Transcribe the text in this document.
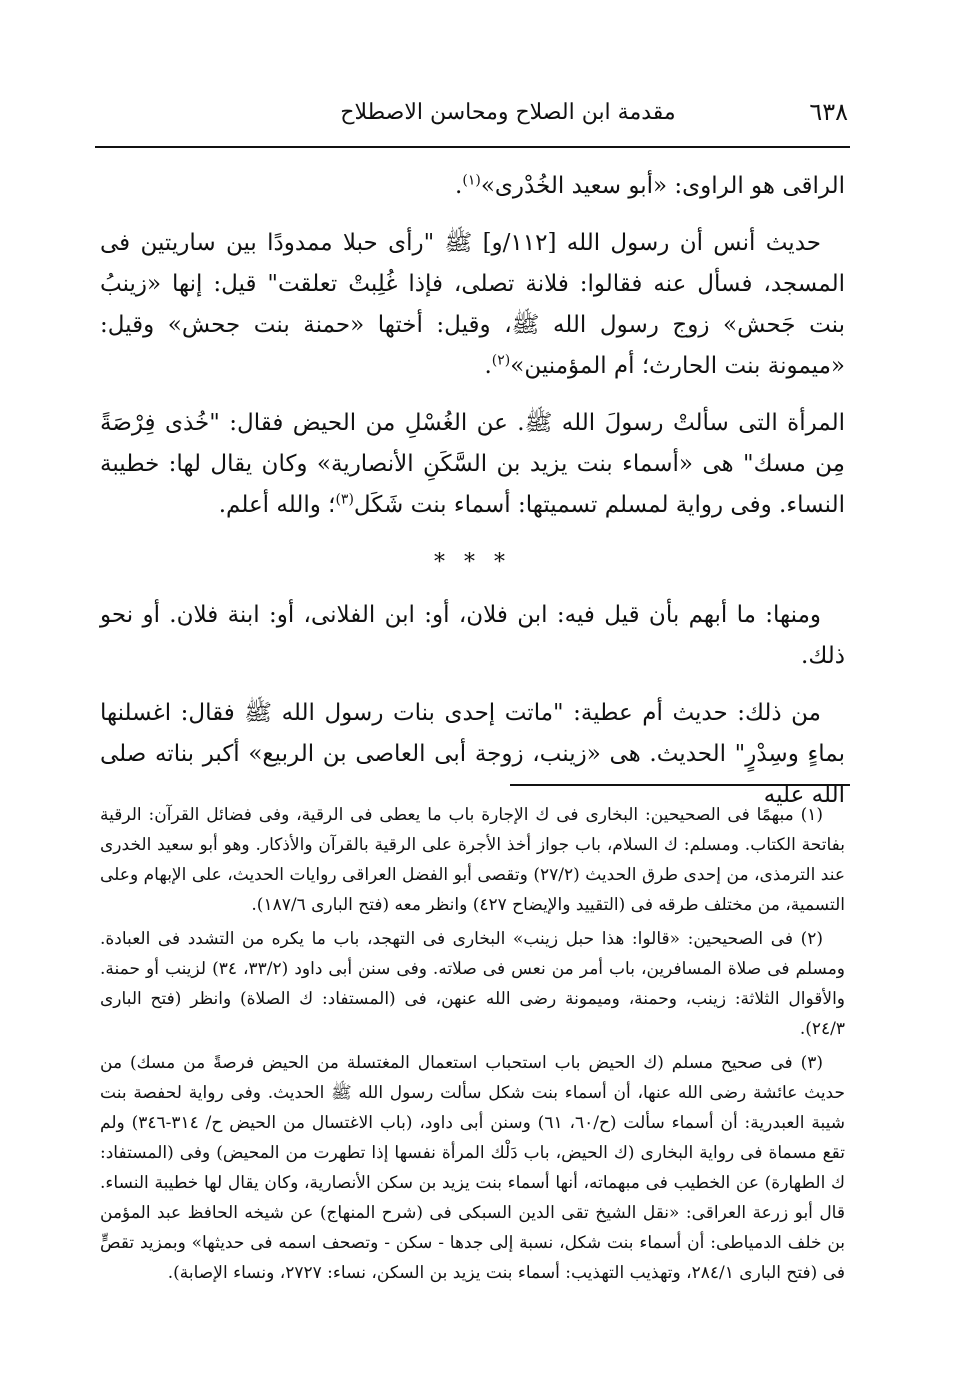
٦٣٨
مقدمة ابن الصلاح ومحاسن الاصطلاح

الراقى هو الراوى: «أبو سعيد الخُدْرى»$^{(١)}$.

حديث أنس أن رسول الله [١١٢/و] ﷺ "رأى حبلا ممدودًا بين ساريتين فى المسجد، فسأل عنه فقالوا: فلانة تصلى، فإذا غُلِبتْ تعلقت" قيل: إنها «زينبُ بنت جَحش» زوج رسول الله ﷺ، وقيل: أختها «حمنة بنت جحش» وقيل: «ميمونة بنت الحارث؛ أم المؤمنين»$^{(٢)}$.

المرأة التى سألتْ رسولَ الله ﷺ. عن الغُسْلِ من الحيض فقال: "خُذى فِرْصَةً مِن مسك" هى «أسماء بنت يزيد بن السَّكَنِ الأنصارية» وكان يقال لها: خطيبة النساء. وفى رواية لمسلم تسميتها: أسماء بنت شَكَل$^{(٣)}$؛ والله أعلم.

* * *

ومنها: ما أبهم بأن قيل فيه: ابن فلان، أو: ابن الفلانى، أو: ابنة فلان. أو نحو ذلك.

من ذلك: حديث أم عطية: "ماتت إحدى بنات رسول الله ﷺ فقال: اغسلنها بماءٍ وسِدْرٍ" الحديث. هى «زينب، زوجة أبى العاصى بن الربيع» أكبر بناته صلى الله عليه

(١) مبهمًا فى الصحيحين: البخارى فى ك الإجارة باب ما يعطى فى الرقية، وفى فضائل القرآن: الرقية بفاتحة الكتاب. ومسلم: ك السلام، باب جواز أخذ الأجرة على الرقية بالقرآن والأذكار. وهو أبو سعيد الخدرى عند الترمذى، من إحدى طرق الحديث (٢٧/٢) وتقصى أبو الفضل العراقى روايات الحديث، على الإبهام وعلى التسمية، من مختلف طرقه فى (التقييد والإيضاح ٤٢٧) وانظر معه (فتح البارى ١٨٧/٦).

(٢) فى الصحيحين: «قالوا: هذا حبل زينب» البخارى فى التهجد، باب ما يكره من التشدد فى العبادة. ومسلم فى صلاة المسافرين، باب أمر من نعس فى صلاته. وفى سنن أبى داود (٣٣/٢، ٣٤) لزينب أو حمنة. والأقوال الثلاثة: زينب، وحمنة، وميمونة رضى الله عنهن، فى (المستفاد: ك الصلاة) وانظر (فتح البارى ٢٤/٣).

(٣) فى صحيح مسلم (ك الحيض باب استحباب استعمال المغتسلة من الحيض فرصةً من مسك) من حديث عائشة رضى الله عنها، أن أسماء بنت شكل سألت رسول الله ﷺ الحديث. وفى رواية لحفصة بنت شيبة العبدرية: أن أسماء سألت (ح/٦٠، ٦١) وسنن أبى داود، (باب الاغتسال من الحيض ح/ ٣١٤-٣٤٦) ولم تقع مسماة فى رواية البخارى (ك الحيض، باب دَلْك المرأة نفسها إذا تطهرت من المحيض) وفى (المستفاد: ك الطهارة) عن الخطيب فى مبهماته، أنها أسماء بنت يزيد بن سكن الأنصارية، وكان يقال لها خطيبة النساء. قال أبو زرعة العراقى: «نقل الشيخ تقى الدين السبكى فى (شرح المنهاج) عن شيخه الحافظ عبد المؤمن بن خلف الدمياطى: أن أسماء بنت شكل، نسبة إلى جدها - سكن - وتصحف اسمه فى حديثها» وبمزيد تقصٍّ فى (فتح البارى ٢٨٤/١، وتهذيب التهذيب: أسماء بنت يزيد بن السكن، نساء: ٢٧٢٧، ونساء الإصابة).
